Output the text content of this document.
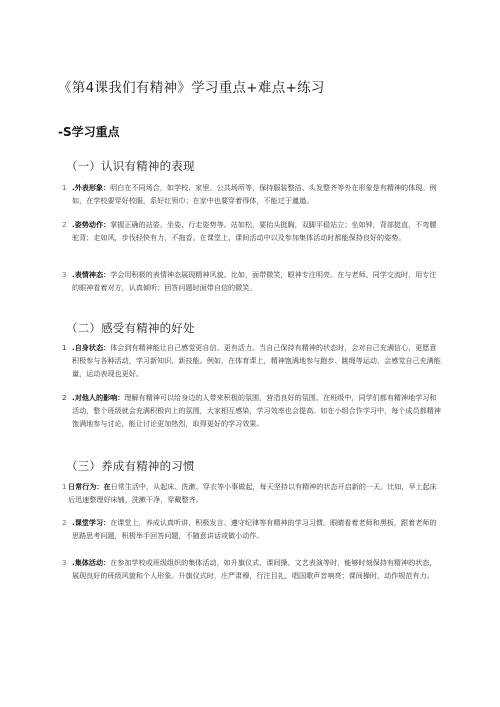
《第4课我们有精神》学习重点+难点+练习
-S学习重点
（一）认识有精神的表现
1 .外表形象：明白在不同场合，如学校、家里、公共场所等，保持服装整洁、头发整齐等外在形象是有精神的体现。例如，在学校要穿好校服，系好红领巾；在家中也要穿着得体，不能过于邋遢。
2 .姿势动作：掌握正确的站姿、坐姿、行走姿势等。站如松，要抬头挺胸，双脚平稳站立；坐如钟，背部挺直，不弯腰驼背；走如风，步伐轻快有力，不拖沓。在课堂上、课间活动中以及参加集体活动时都能保持良好的姿势。
3 .表情神态：学会用积极的表情神态展现精神风貌。比如，面带微笑，眼神专注明亮。在与老师、同学交流时，用专注的眼神看着对方，认真倾听；回答问题时面带自信的微笑。
（二）感受有精神的好处
1 .自身状态：体会到有精神能让自己感觉更自信、更有活力。当自己保持有精神的状态时，会对自己充满信心，更愿意积极参与各种活动，学习新知识、新技能。例如，在体育课上，精神饱满地参与跑步、跳绳等运动，会感觉自己充满能量，运动表现也更好。
2 .对他人的影响：理解有精神可以给身边的人带来积极的氛围，营造良好的氛围。在班级中，同学们都有精神地学习和活动，整个班级就会充满积极向上的氛围，大家相互感染，学习效率也会提高。如在小组合作学习中，每个成员都精神饱满地参与讨论，能让讨论更加热烈，取得更好的学习效果。
（三）养成有精神的习惯
1 日常行为：在日常生活中，从起床、洗漱、穿衣等小事做起，每天坚持以有精神的状态开启新的一天。比如，早上起床后迅速整理好床铺，洗漱干净，穿戴整齐。
2 .课堂学习：在课堂上，养成认真听讲、积极发言、遵守纪律等有精神的学习习惯。眼睛看着老师和黑板，跟着老师的思路思考问题，积极举手回答问题，不随意讲话或做小动作。
3 .集体活动：在参加学校或班级组织的集体活动，如升旗仪式、课间操、文艺表演等时，能够时刻保持有精神的状态，展现良好的班级风貌和个人形象。升旗仪式时，庄严肃穆，行注目礼，唱国歌声音响亮；课间操时，动作规范有力。
